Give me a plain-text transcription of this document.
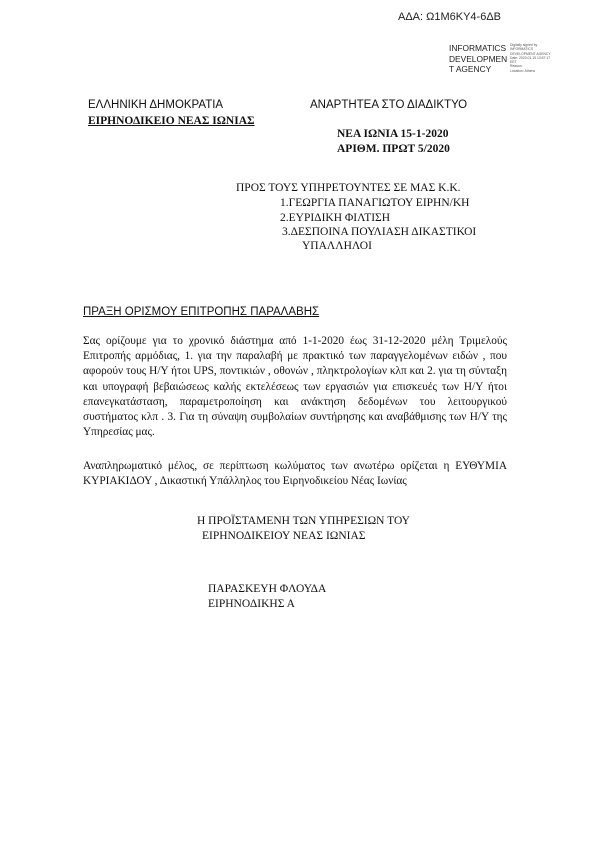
ΑΔΑ: Ω1Μ6ΚΥ4-6ΔΒ
INFORMATICS
DEVELOPMEN
T AGENCY
Digitally signed by
INFORMATICS
DEVELOPMENT AGENCY
Date: 2020.01.15 13:57:17
EET
Reason:
Location: Athens
ΕΛΛΗΝΙΚΗ ΔΗΜΟΚΡΑΤΙΑ	ΑΝΑΡΤΗΤΕΑ ΣΤΟ ΔΙΑΔΙΚΤΥΟ
ΕΙΡΗΝΟΔΙΚΕΙΟ ΝΕΑΣ ΙΩΝΙΑΣ
ΝΕΑ ΙΩΝΙΑ 15-1-2020
ΑΡΙΘΜ. ΠΡΩΤ 5/2020
ΠΡΟΣ ΤΟΥΣ ΥΠΗΡΕΤΟΥΝΤΕΣ ΣΕ ΜΑΣ Κ.Κ.
1.ΓΕΩΡΓΙΑ ΠΑΝΑΓΙΩΤΟΥ ΕΙΡΗΝ/ΚΗ
2.ΕΥΡΙΔΙΚΗ ΦΙΛΤΙΣΗ
3.ΔΕΣΠΟΙΝΑ ΠΟΥΛΙΑΣΗ ΔΙΚΑΣΤΙΚΟΙ
ΥΠΑΛΛΗΛΟΙ
ΠΡΑΞΗ ΟΡΙΣΜΟΥ ΕΠΙΤΡΟΠΗΣ ΠΑΡΑΛΑΒΗΣ
Σας ορίζουμε για το χρονικό διάστημα από 1-1-2020 έως 31-12-2020 μέλη Τριμελούς Επιτροπής αρμόδιας, 1. για την παραλαβή με πρακτικό των παραγγελομένων ειδών , που αφορούν τους Η/Υ ήτοι UPS, ποντικιών , οθονών , πληκτρολογίων κλπ και 2. για τη σύνταξη και υπογραφή βεβαιώσεως καλής εκτελέσεως των εργασιών για επισκευές των Η/Υ ήτοι επανεγκατάσταση, παραμετροποίηση και ανάκτηση δεδομένων του λειτουργικού συστήματος κλπ . 3. Για τη σύναψη συμβολαίων συντήρησης και αναβάθμισης των Η/Υ της Υπηρεσίας μας.
Αναπληρωματικό μέλος, σε περίπτωση κωλύματος των ανωτέρω ορίζεται η ΕΥΘΥΜΙΑ ΚΥΡΙΑΚΙΔΟΥ , Δικαστική Υπάλληλος του Ειρηνοδικείου Νέας Ιωνίας
Η ΠΡΟΪΣΤΑΜΕΝΗ ΤΩΝ ΥΠΗΡΕΣΙΩΝ ΤΟΥ
ΕΙΡΗΝΟΔΙΚΕΙΟΥ ΝΕΑΣ ΙΩΝΙΑΣ
ΠΑΡΑΣΚΕΥΗ ΦΛΟΥΔΑ
ΕΙΡΗΝΟΔΙΚΗΣ Α
